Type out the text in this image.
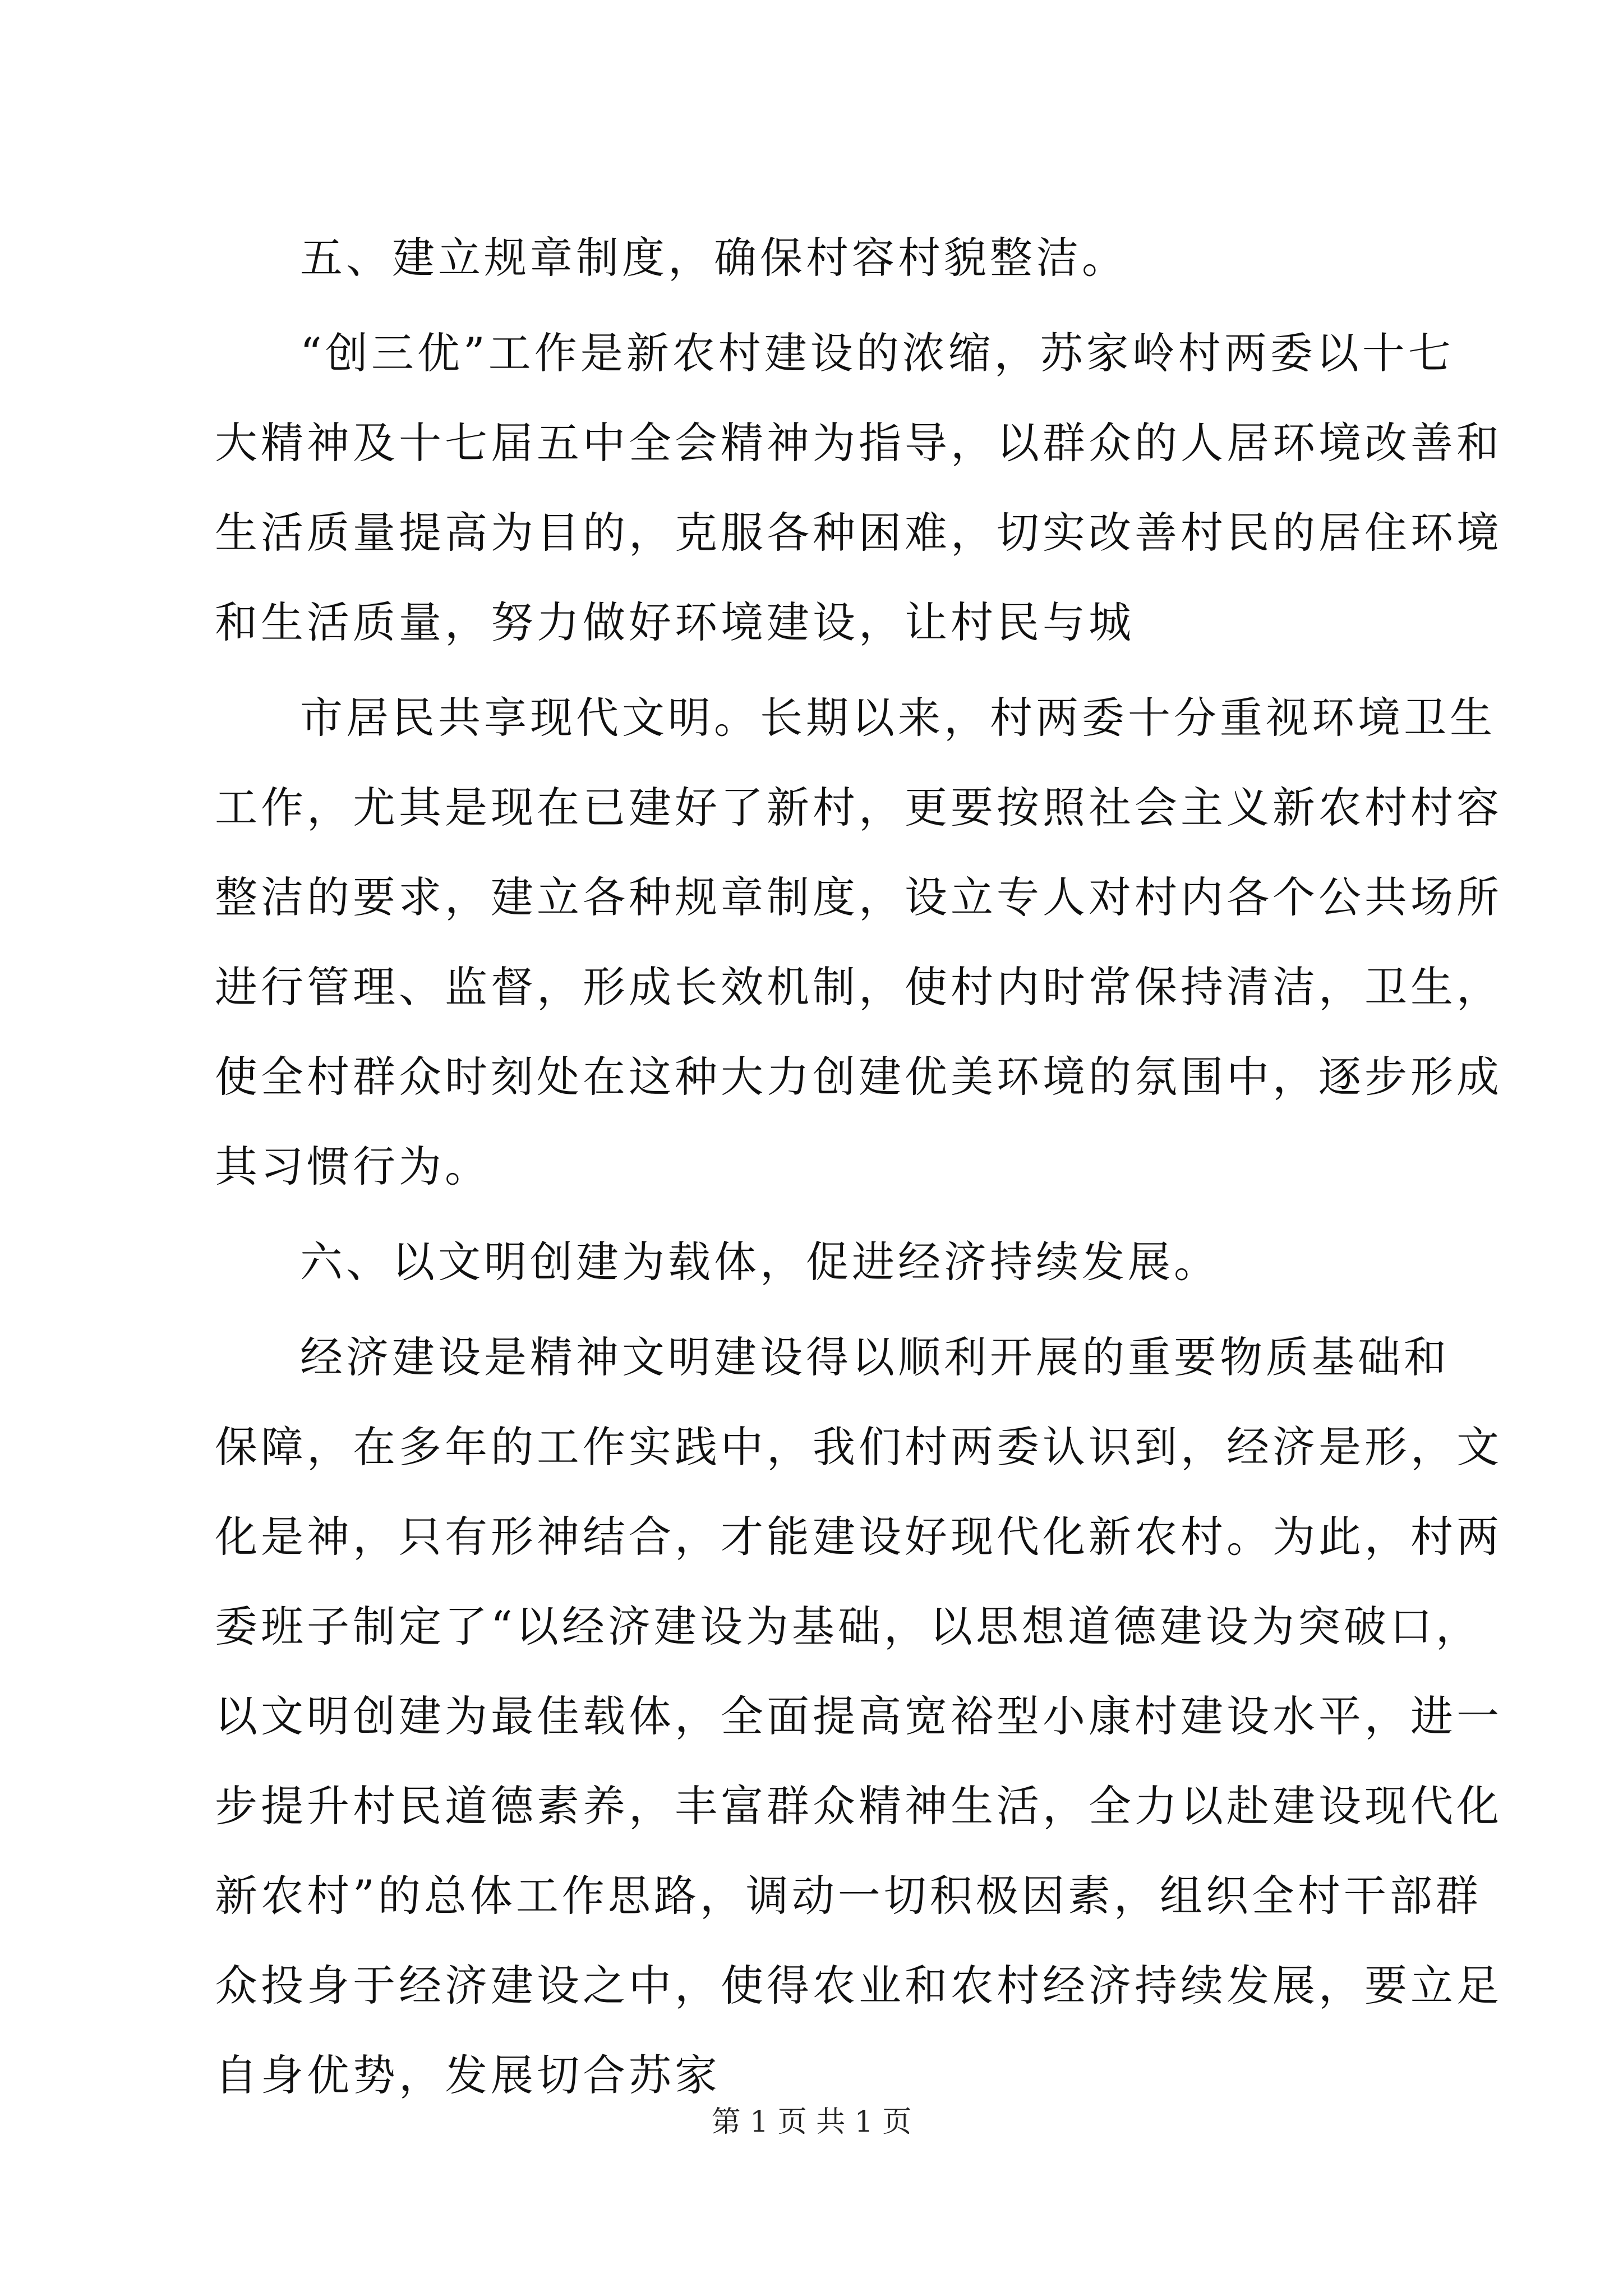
五、建立规章制度，确保村容村貌整洁。
“创三优”工作是新农村建设的浓缩，苏家岭村两委以十七
大精神及十七届五中全会精神为指导，以群众的人居环境改善和
生活质量提高为目的，克服各种困难，切实改善村民的居住环境
和生活质量，努力做好环境建设，让村民与城
市居民共享现代文明。长期以来，村两委十分重视环境卫生
工作，尤其是现在已建好了新村，更要按照社会主义新农村村容
整洁的要求，建立各种规章制度，设立专人对村内各个公共场所
进行管理、监督，形成长效机制，使村内时常保持清洁，卫生，
使全村群众时刻处在这种大力创建优美环境的氛围中，逐步形成
其习惯行为。
六、以文明创建为载体，促进经济持续发展。
经济建设是精神文明建设得以顺利开展的重要物质基础和
保障，在多年的工作实践中，我们村两委认识到，经济是形，文
化是神，只有形神结合，才能建设好现代化新农村。为此，村两
委班子制定了“以经济建设为基础，以思想道德建设为突破口，
以文明创建为最佳载体，全面提高宽裕型小康村建设水平，进一
步提升村民道德素养，丰富群众精神生活，全力以赴建设现代化
新农村”的总体工作思路，调动一切积极因素，组织全村干部群
众投身于经济建设之中，使得农业和农村经济持续发展，要立足
自身优势，发展切合苏家
第 1 页 共 1 页
